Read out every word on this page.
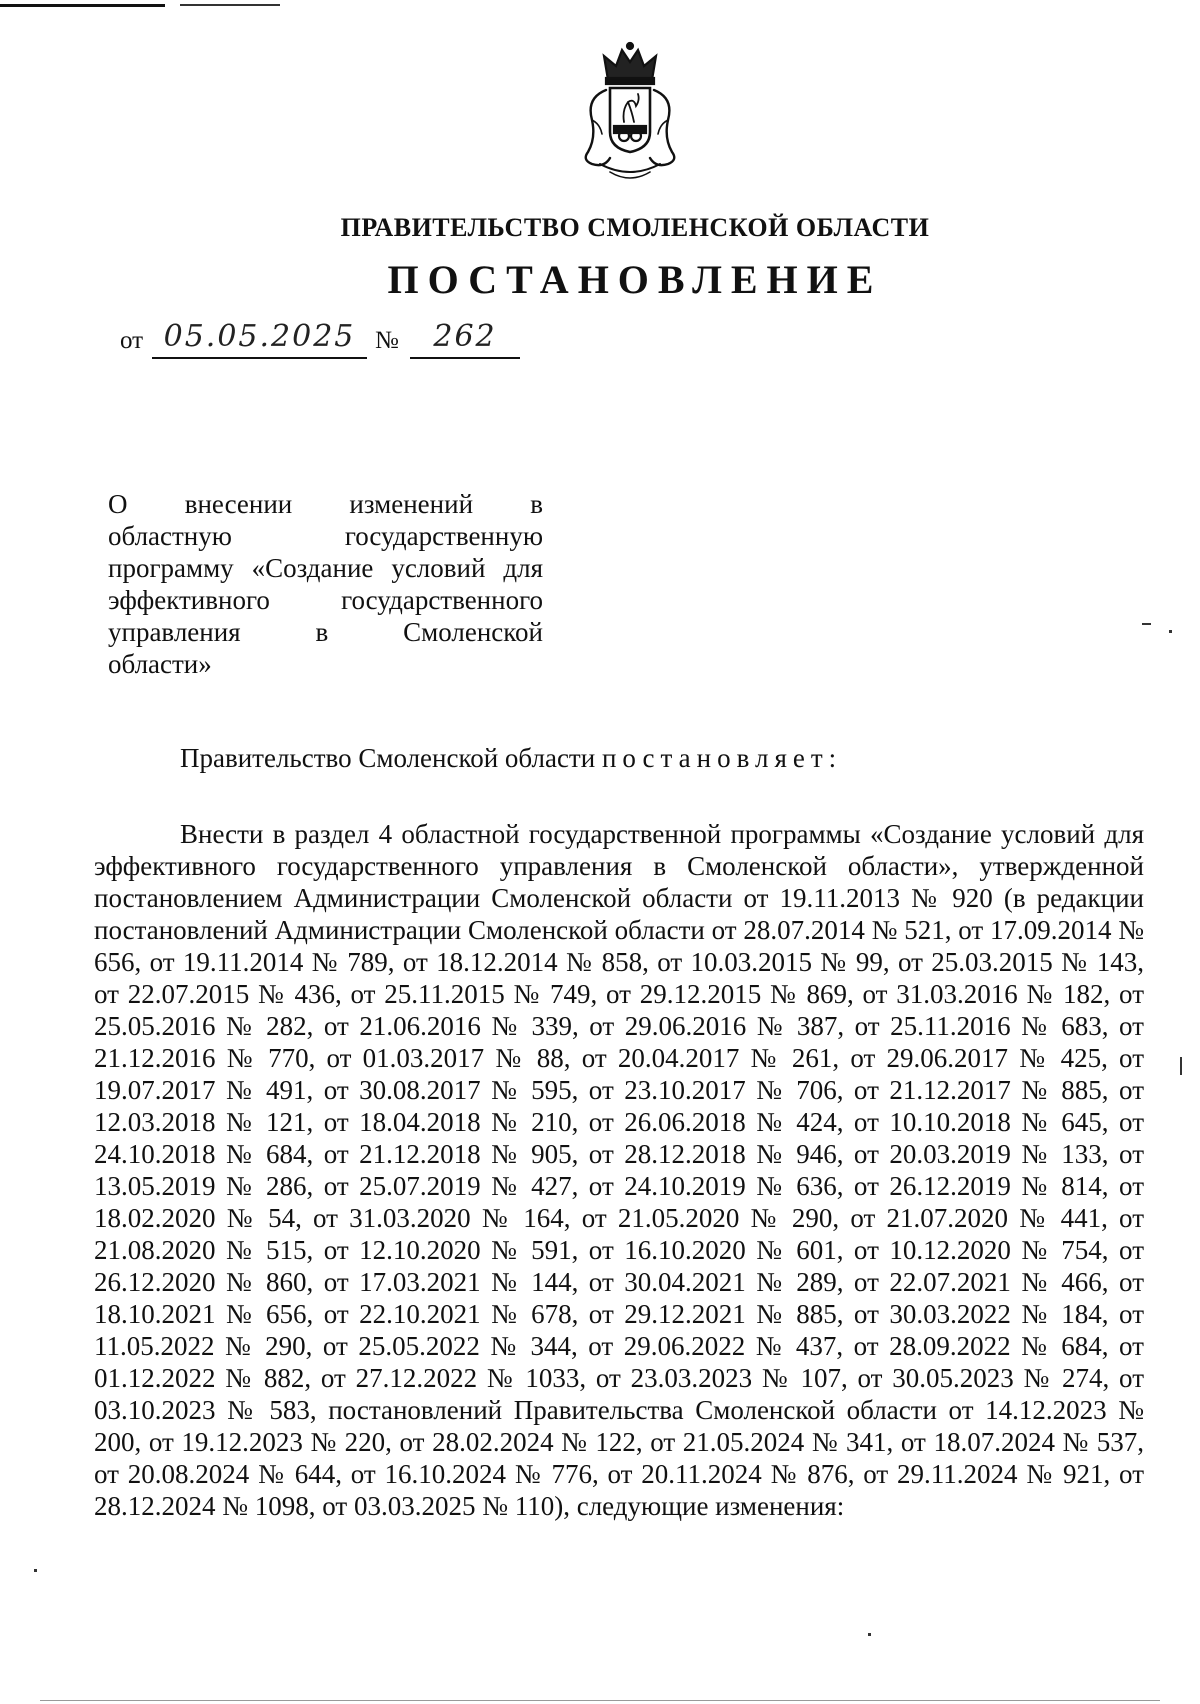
ПРАВИТЕЛЬСТВО СМОЛЕНСКОЙ ОБЛАСТИ
ПОСТАНОВЛЕНИЕ
от 05.05.2025 №	262
О внесении изменений в
областную государственную
программу «Создание условий для
эффективного государственного
управления в Смоленской
области»
Правительство Смоленской области постановляет:
Внести в раздел 4 областной государственной программы «Создание условий для эффективного государственного управления в Смоленской области», утвержденной постановлением Администрации Смоленской области от 19.11.2013 № 920 (в редакции постановлений Администрации Смоленской области от 28.07.2014 № 521, от 17.09.2014 № 656, от 19.11.2014 № 789, от 18.12.2014 № 858, от 10.03.2015 № 99, от 25.03.2015 № 143, от 22.07.2015 № 436, от 25.11.2015 № 749, от 29.12.2015 № 869, от 31.03.2016 № 182, от 25.05.2016 № 282, от 21.06.2016 № 339, от 29.06.2016 № 387, от 25.11.2016 № 683, от 21.12.2016 № 770, от 01.03.2017 № 88, от 20.04.2017 № 261, от 29.06.2017 № 425, от 19.07.2017 № 491, от 30.08.2017 № 595, от 23.10.2017 № 706, от 21.12.2017 № 885, от 12.03.2018 № 121, от 18.04.2018 № 210, от 26.06.2018 № 424, от 10.10.2018 № 645, от 24.10.2018 № 684, от 21.12.2018 № 905, от 28.12.2018 № 946, от 20.03.2019 № 133, от 13.05.2019 № 286, от 25.07.2019 № 427, от 24.10.2019 № 636, от 26.12.2019 № 814, от 18.02.2020 № 54, от 31.03.2020 № 164, от 21.05.2020 № 290, от 21.07.2020 № 441, от 21.08.2020 № 515, от 12.10.2020 № 591, от 16.10.2020 № 601, от 10.12.2020 № 754, от 26.12.2020 № 860, от 17.03.2021 № 144, от 30.04.2021 № 289, от 22.07.2021 № 466, от 18.10.2021 № 656, от 22.10.2021 № 678, от 29.12.2021 № 885, от 30.03.2022 № 184, от 11.05.2022 № 290, от 25.05.2022 № 344, от 29.06.2022 № 437, от 28.09.2022 № 684, от 01.12.2022 № 882, от 27.12.2022 № 1033, от 23.03.2023 № 107, от 30.05.2023 № 274, от 03.10.2023 № 583, постановлений Правительства Смоленской области от 14.12.2023 № 200, от 19.12.2023 № 220, от 28.02.2024 № 122, от 21.05.2024 № 341, от 18.07.2024 № 537, от 20.08.2024 № 644, от 16.10.2024 № 776, от 20.11.2024 № 876, от 29.11.2024 № 921, от 28.12.2024 № 1098, от 03.03.2025 № 110), следующие изменения:
